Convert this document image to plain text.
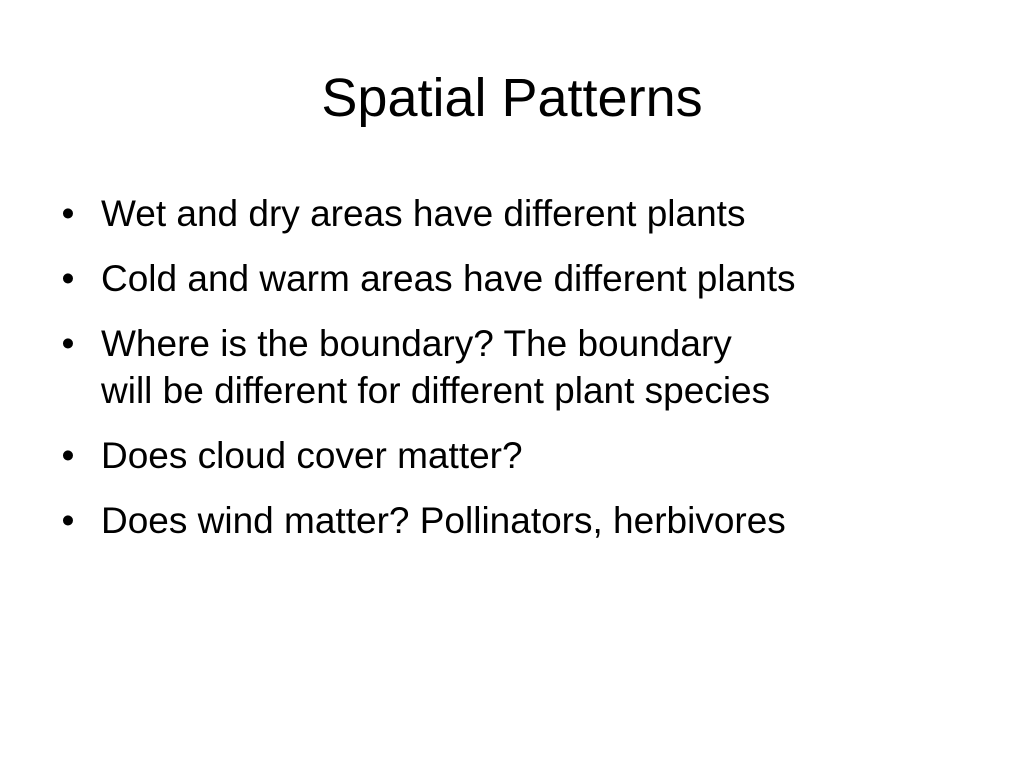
Spatial Patterns
• Wet and dry areas have different plants
• Cold and warm areas have different plants
• Where is the boundary? The boundary
will be different for different plant species
• Does cloud cover matter?
• Does wind matter? Pollinators, herbivores
